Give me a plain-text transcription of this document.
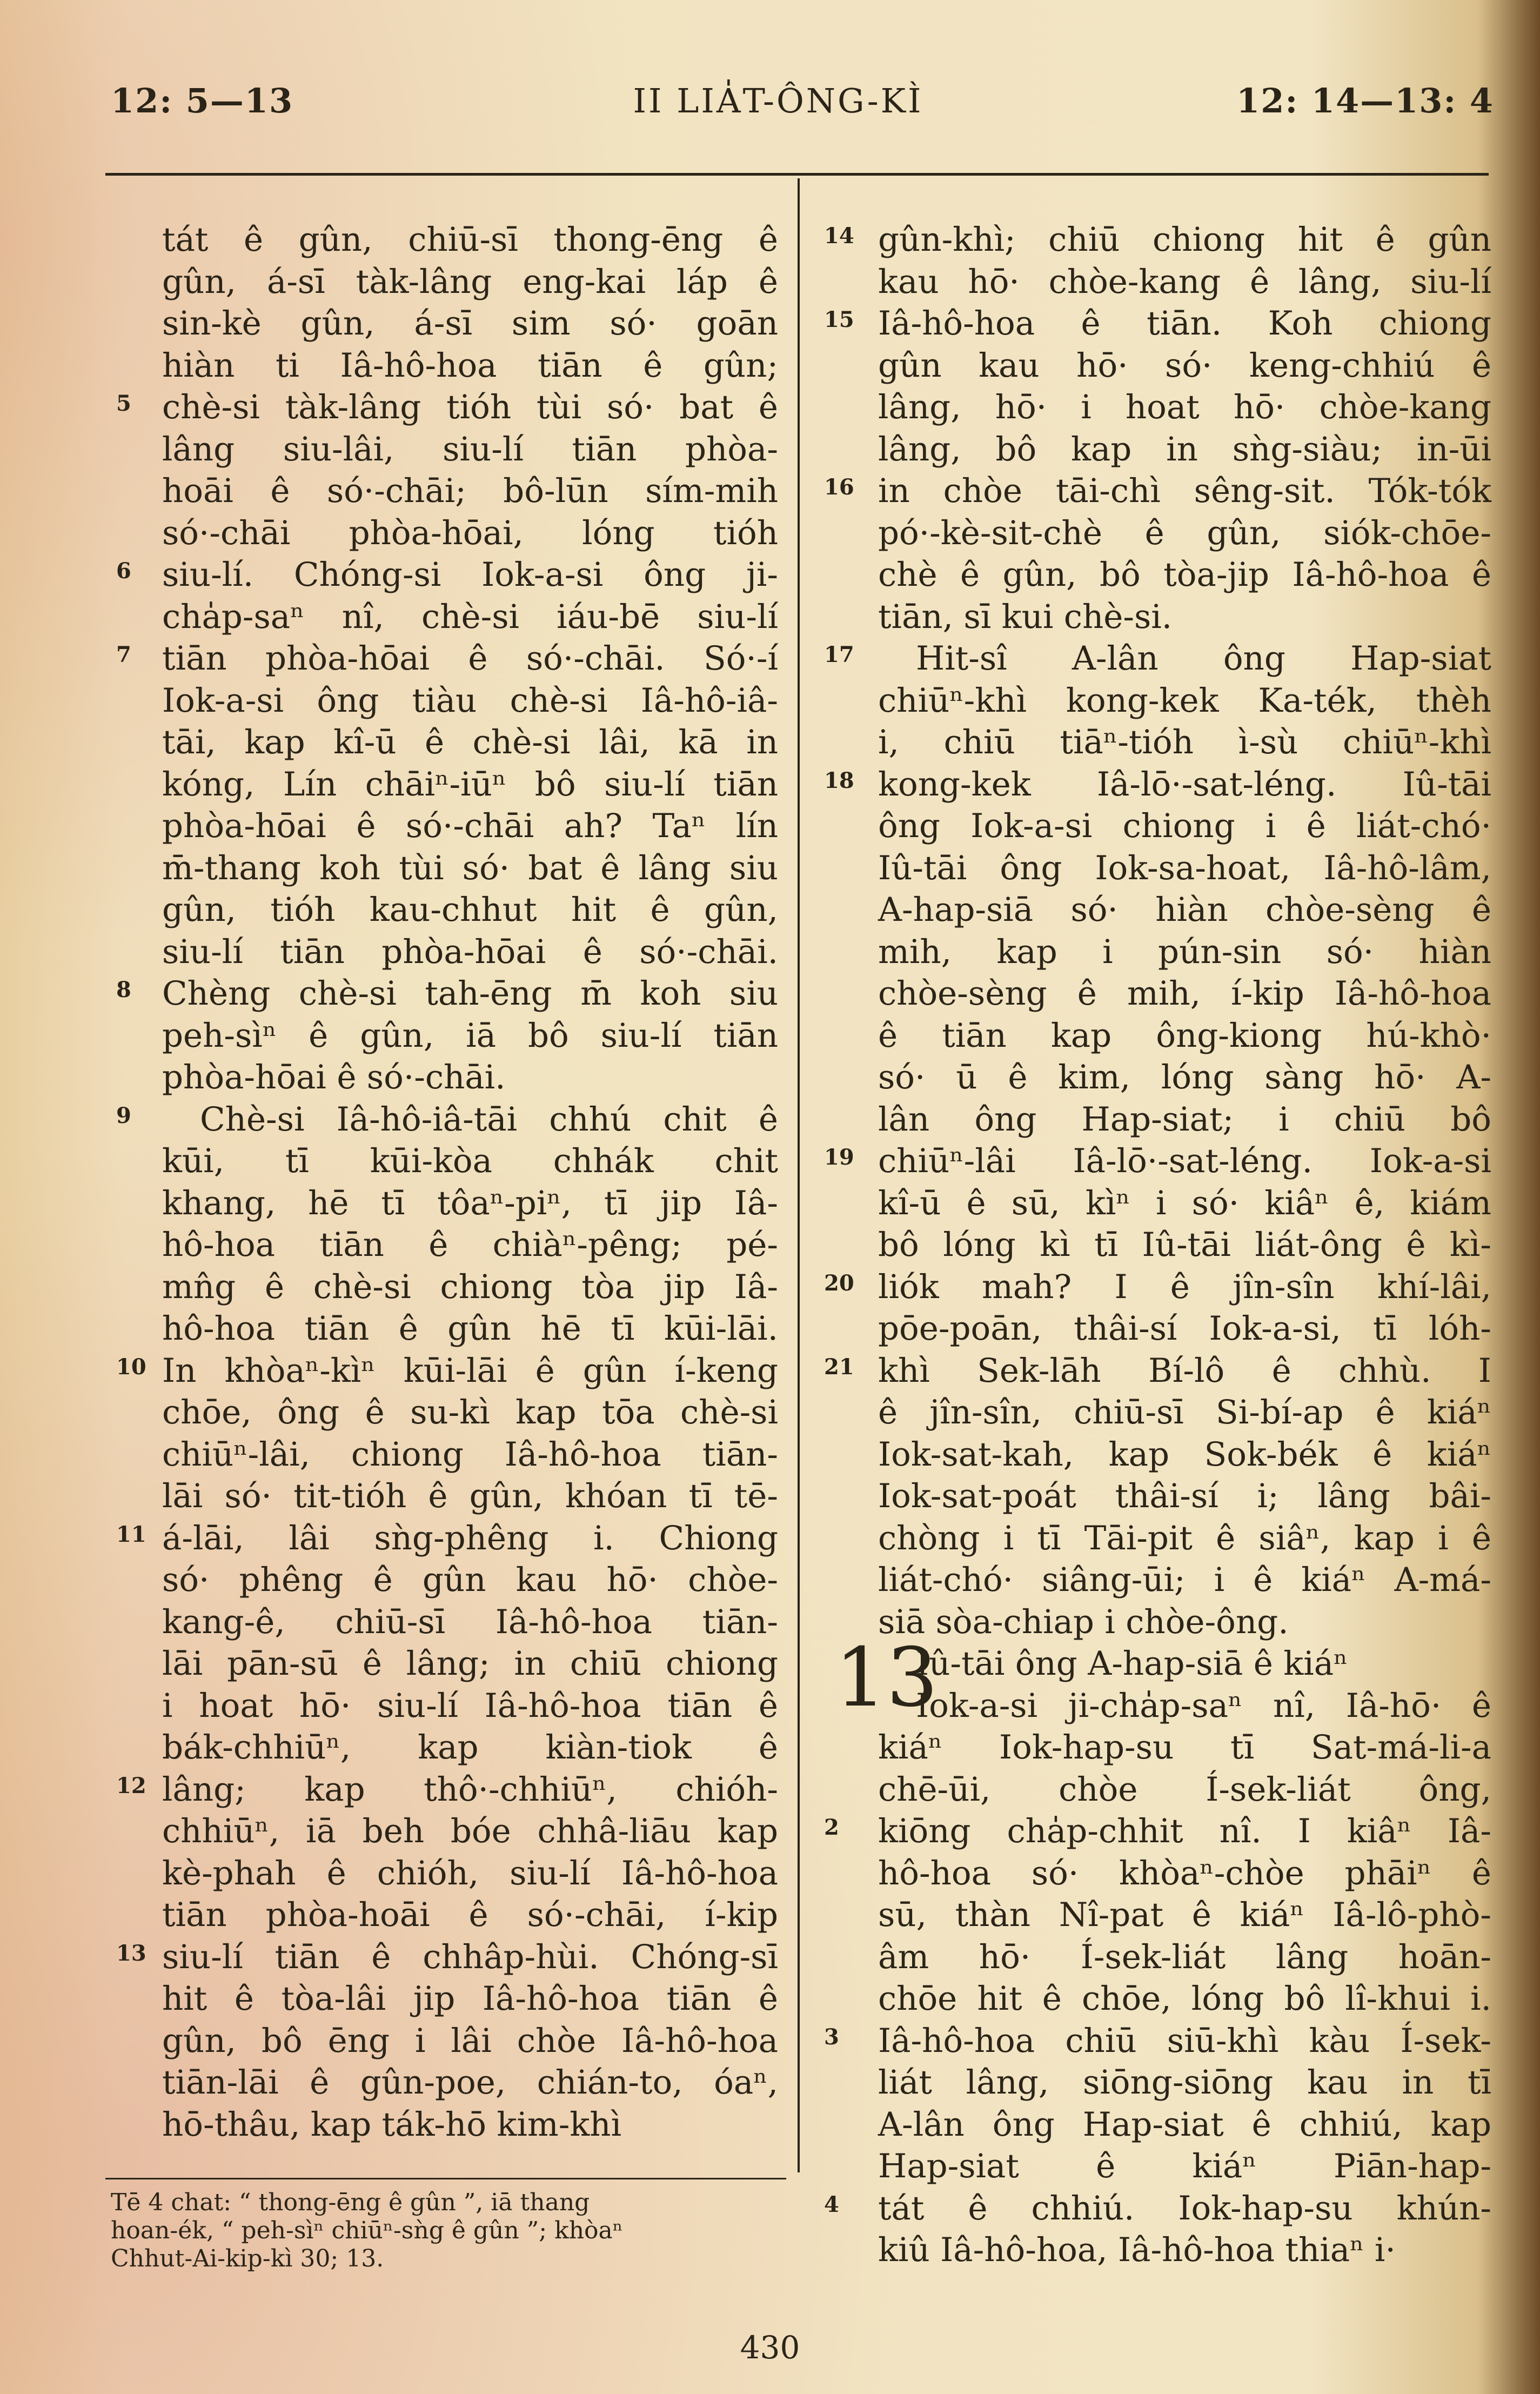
12: 5—13	II LIA̍T-ÔNG-KÌ	12: 14—13: 4
tát ê gûn, chiū-sī thong-ēng ê
gûn, á-sī tàk-lâng eng-kai láp ê
sin-kè gûn, á-sī sim só· goān
hiàn ti Iâ-hô-hoa tiān ê gûn;
chè-si tàk-lâng tióh tùi só· bat ê
lâng siu-lâi, siu-lí tiān phòa-
hoāi ê só·-chāi; bô-lūn sím-mih
só·-chāi phòa-hōai, lóng tióh
siu-lí. Chóng-si Iok-a-si ông ji-
cha̍p-saⁿ nî, chè-si iáu-bē siu-lí
tiān phòa-hōai ê só·-chāi. Só·-í
Iok-a-si ông tiàu chè-si Iâ-hô-iâ-
tāi, kap kî-ū ê chè-si lâi, kā in
kóng, Lín chāiⁿ-iūⁿ bô siu-lí tiān
phòa-hōai ê só·-chāi ah? Taⁿ lín
m̄-thang koh tùi só· bat ê lâng siu
gûn, tióh kau-chhut hit ê gûn,
siu-lí tiān phòa-hōai ê só·-chāi.
Chèng chè-si tah-ēng m̄ koh siu
peh-sìⁿ ê gûn, iā bô siu-lí tiān
phòa-hōai ê só·-chāi.
Chè-si Iâ-hô-iâ-tāi chhú chit ê
kūi, tī kūi-kòa chhák chit
khang, hē tī tôaⁿ-piⁿ, tī jip Iâ-
hô-hoa tiān ê chiàⁿ-pêng; pé-
mn̂g ê chè-si chiong tòa jip Iâ-
hô-hoa tiān ê gûn hē tī kūi-lāi.
In khòaⁿ-kìⁿ kūi-lāi ê gûn í-keng
chōe, ông ê su-kì kap tōa chè-si
chiūⁿ-lâi, chiong Iâ-hô-hoa tiān-
lāi só· tit-tióh ê gûn, khóan tī tē-
á-lāi, lâi sǹg-phêng i. Chiong
só· phêng ê gûn kau hō· chòe-
kang-ê, chiū-sī Iâ-hô-hoa tiān-
lāi pān-sū ê lâng; in chiū chiong
i hoat hō· siu-lí Iâ-hô-hoa tiān ê
bák-chhiūⁿ, kap kiàn-tiok ê
lâng; kap thô·-chhiūⁿ, chióh-
chhiūⁿ, iā beh bóe chhâ-liāu kap
kè-phah ê chióh, siu-lí Iâ-hô-hoa
tiān phòa-hoāi ê só·-chāi, í-kip
siu-lí tiān ê chhâp-hùi. Chóng-sī
hit ê tòa-lâi jip Iâ-hô-hoa tiān ê
gûn, bô ēng i lâi chòe Iâ-hô-hoa
tiān-lāi ê gûn-poe, chián-to, óaⁿ,
hō-thâu, kap ták-hō kim-khì
gûn-khì; chiū chiong hit ê gûn
kau hō· chòe-kang ê lâng, siu-lí
Iâ-hô-hoa ê tiān. Koh chiong
gûn kau hō· só· keng-chhiú ê
lâng, hō· i hoat hō· chòe-kang
lâng, bô kap in sǹg-siàu; in-ūi
in chòe tāi-chì sêng-sit. Tók-tók
pó·-kè-sit-chè ê gûn, siók-chōe-
chè ê gûn, bô tòa-jip Iâ-hô-hoa ê
tiān, sī kui chè-si.
Hit-sî A-lân ông Hap-siat
chiūⁿ-khì kong-kek Ka-ték, thèh
i, chiū tiāⁿ-tióh ì-sù chiūⁿ-khì
kong-kek Iâ-lō·-sat-léng. Iû-tāi
ông Iok-a-si chiong i ê liát-chó·
Iû-tāi ông Iok-sa-hoat, Iâ-hô-lâm,
A-hap-siā só· hiàn chòe-sèng ê
mih, kap i pún-sin só· hiàn
chòe-sèng ê mih, í-kip Iâ-hô-hoa
ê tiān kap ông-kiong hú-khò·
só· ū ê kim, lóng sàng hō· A-
lân ông Hap-siat; i chiū bô
chiūⁿ-lâi Iâ-lō·-sat-léng. Iok-a-si
kî-ū ê sū, kìⁿ i só· kiâⁿ ê, kiám
bô lóng kì tī Iû-tāi liát-ông ê kì-
liók mah? I ê jîn-sîn khí-lâi,
pōe-poān, thâi-sí Iok-a-si, tī lóh-
khì Sek-lāh Bí-lô ê chhù. I
ê jîn-sîn, chiū-sī Si-bí-ap ê kiáⁿ
Iok-sat-kah, kap Sok-bék ê kiáⁿ
Iok-sat-poát thâi-sí i; lâng bâi-
chòng i tī Tāi-pit ê siâⁿ, kap i ê
liát-chó· siâng-ūi; i ê kiáⁿ A-má-
siā sòa-chiap i chòe-ông.
Iû-tāi ông A-hap-siā ê kiáⁿ
Iok-a-si ji-cha̍p-saⁿ nî, Iâ-hō· ê
kiáⁿ Iok-hap-su tī Sat-má-li-a
chē-ūi, chòe Í-sek-liát ông,
kiōng cha̍p-chhit nî. I kiâⁿ Iâ-
hô-hoa só· khòaⁿ-chòe phāiⁿ ê
sū, thàn Nî-pat ê kiáⁿ Iâ-lô-phò-
âm hō· Í-sek-liát lâng hoān-
chōe hit ê chōe, lóng bô lî-khui i.
Iâ-hô-hoa chiū siū-khì kàu Í-sek-
liát lâng, siōng-siōng kau in tī
A-lân ông Hap-siat ê chhiú, kap
Hap-siat ê kiáⁿ Piān-hap-
tát ê chhiú. Iok-hap-su khún-
kiû Iâ-hô-hoa, Iâ-hô-hoa thiaⁿ i·
5
6
7
8
9
10
11
12
13
14
15
16
17
18
19
20
21
2
3
4
13
Tē 4 chat: “ thong-ēng ê gûn ”, iā thang
hoan-ék, “ peh-sìⁿ chiūⁿ-sǹg ê gûn ”; khòaⁿ
Chhut-Ai-kip-kì 30; 13.
430
